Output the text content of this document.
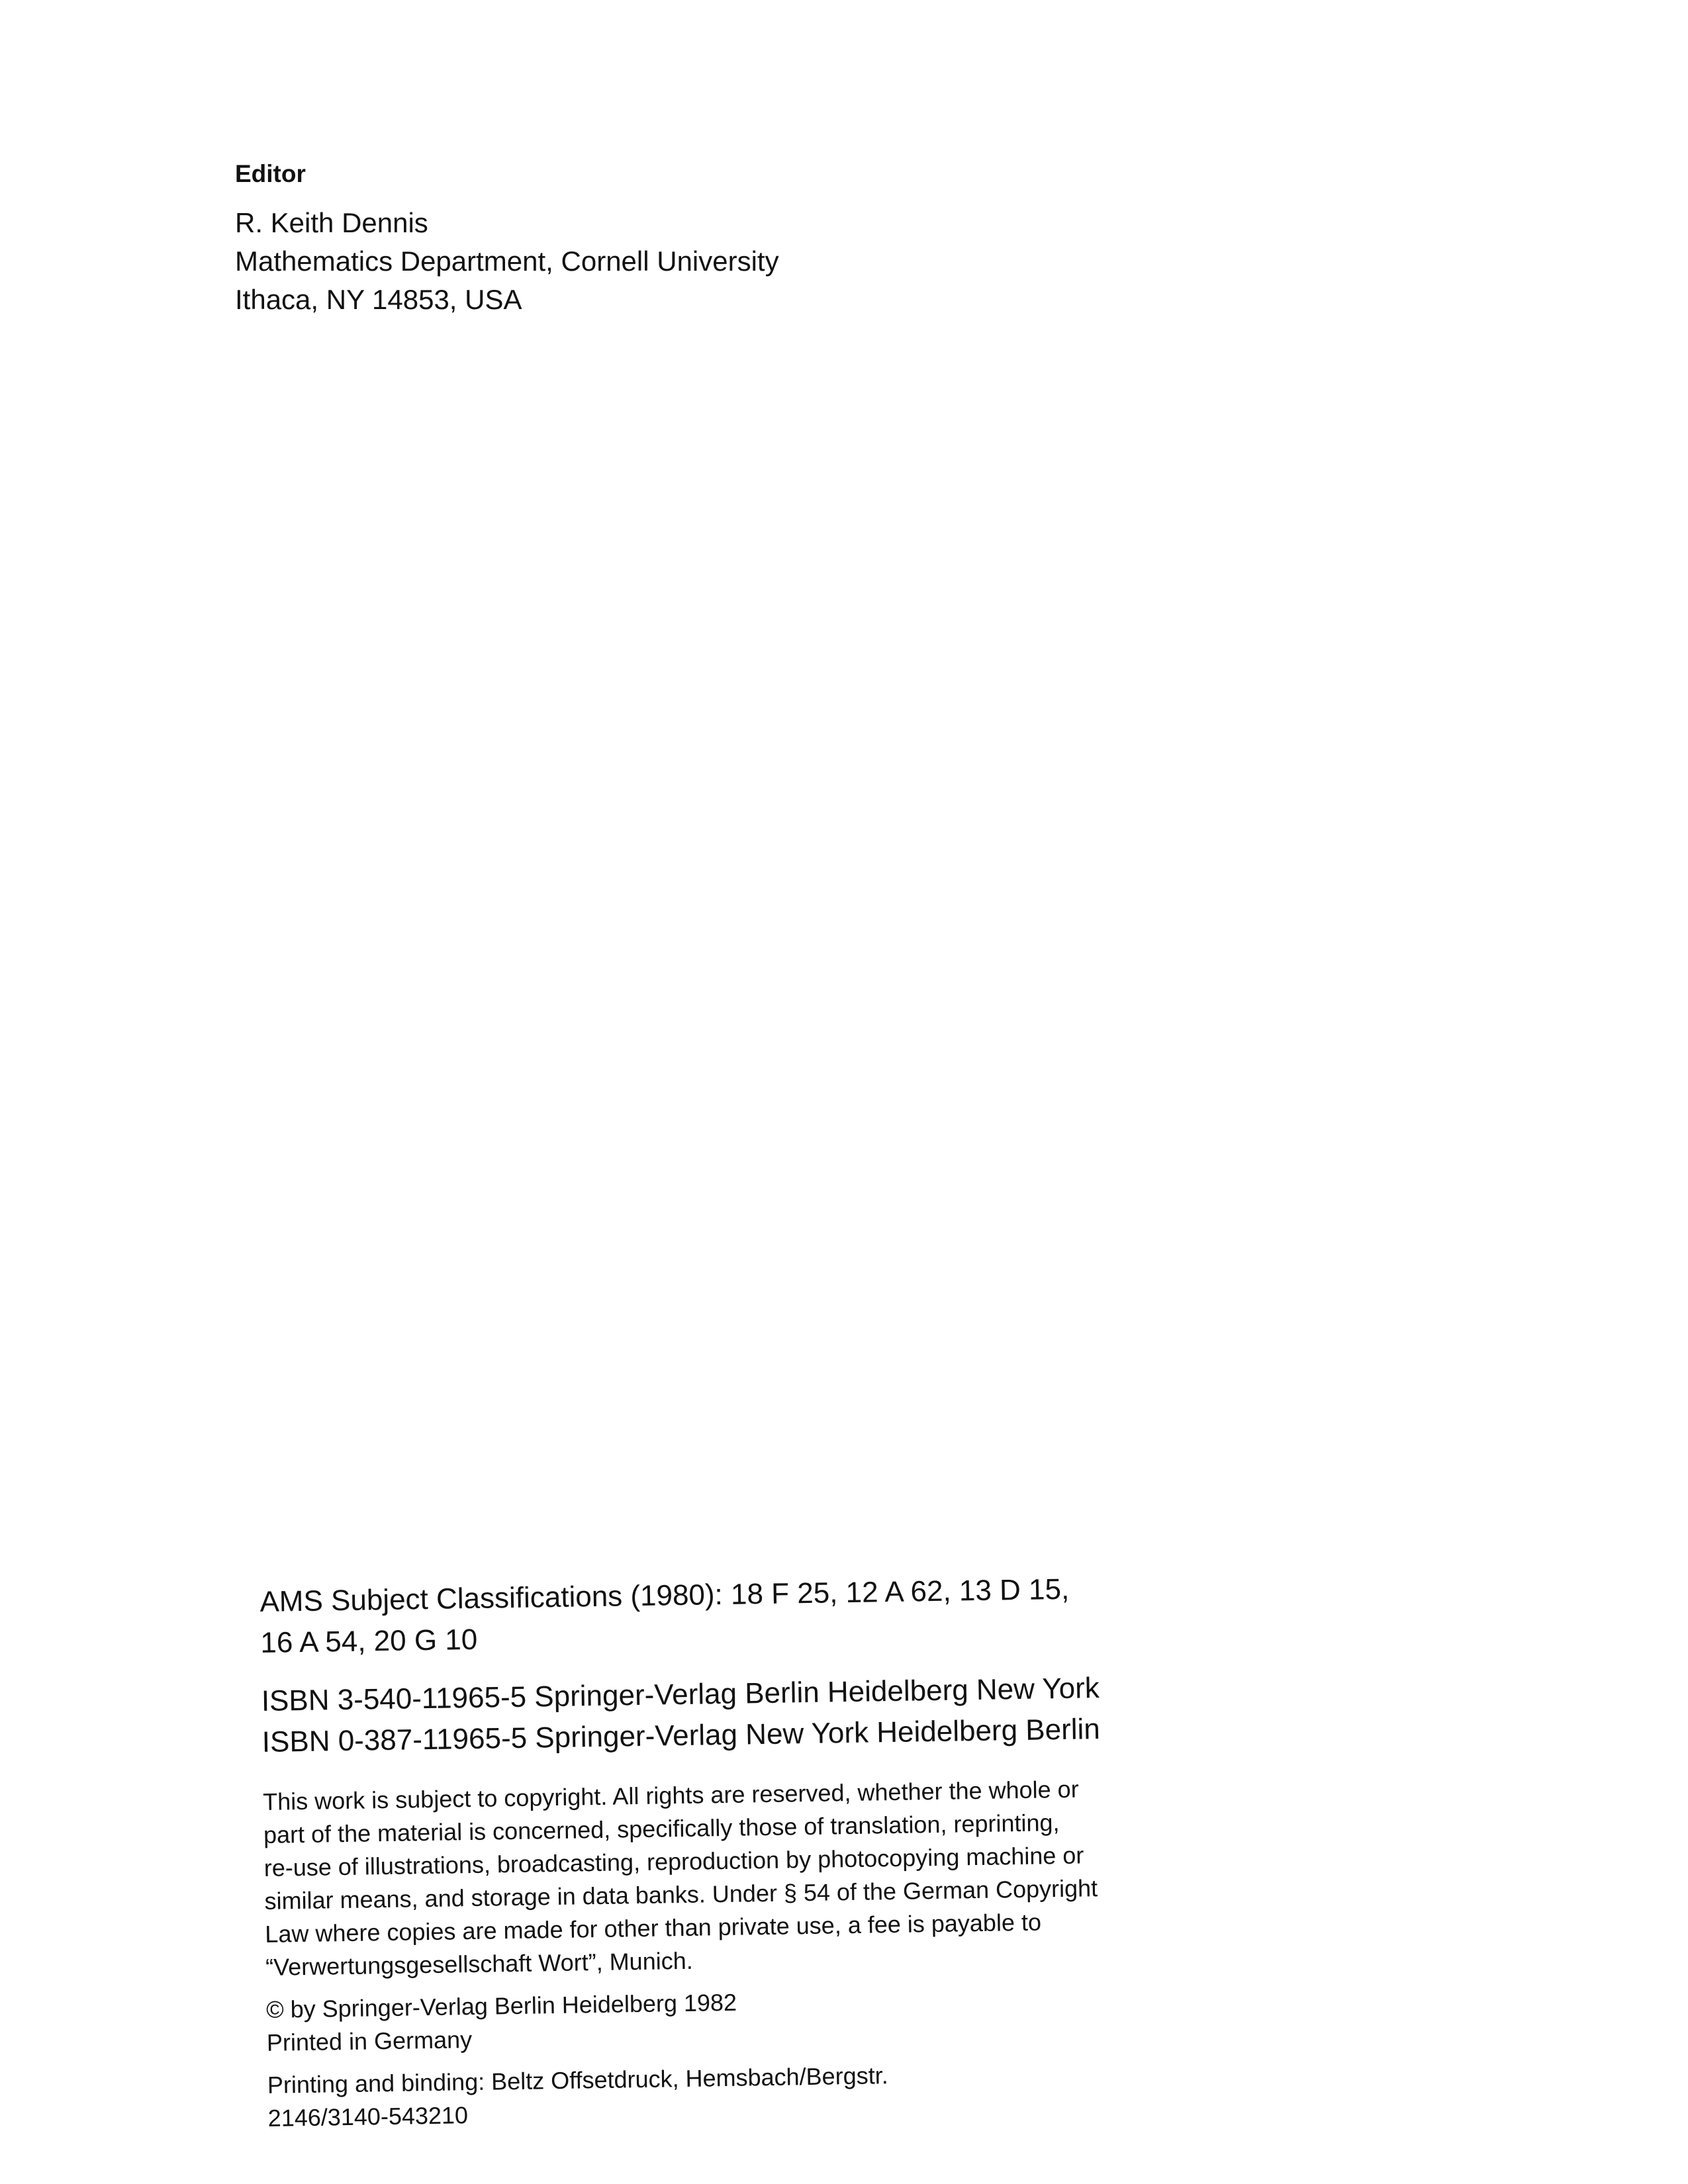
Editor

R. Keith Dennis

Mathematics Department, Cornell University

Ithaca, NY 14853, USA

AMS Subject Classifications (1980): 18 F 25, 12 A 62, 13 D 15,

16 A 54, 20 G 10

ISBN 3-540-11965-5 Springer-Verlag Berlin Heidelberg New York

ISBN 0-387-11965-5 Springer-Verlag New York Heidelberg Berlin

This work is subject to copyright. All rights are reserved, whether the whole or

part of the material is concerned, specifically those of translation, reprinting,

re-use of illustrations, broadcasting, reproduction by photocopying machine or

similar means, and storage in data banks. Under § 54 of the German Copyright

Law where copies are made for other than private use, a fee is payable to

“Verwertungsgesellschaft Wort”, Munich.

© by Springer-Verlag Berlin Heidelberg 1982

Printed in Germany

Printing and binding: Beltz Offsetdruck, Hemsbach/Bergstr.

2146/3140-543210
